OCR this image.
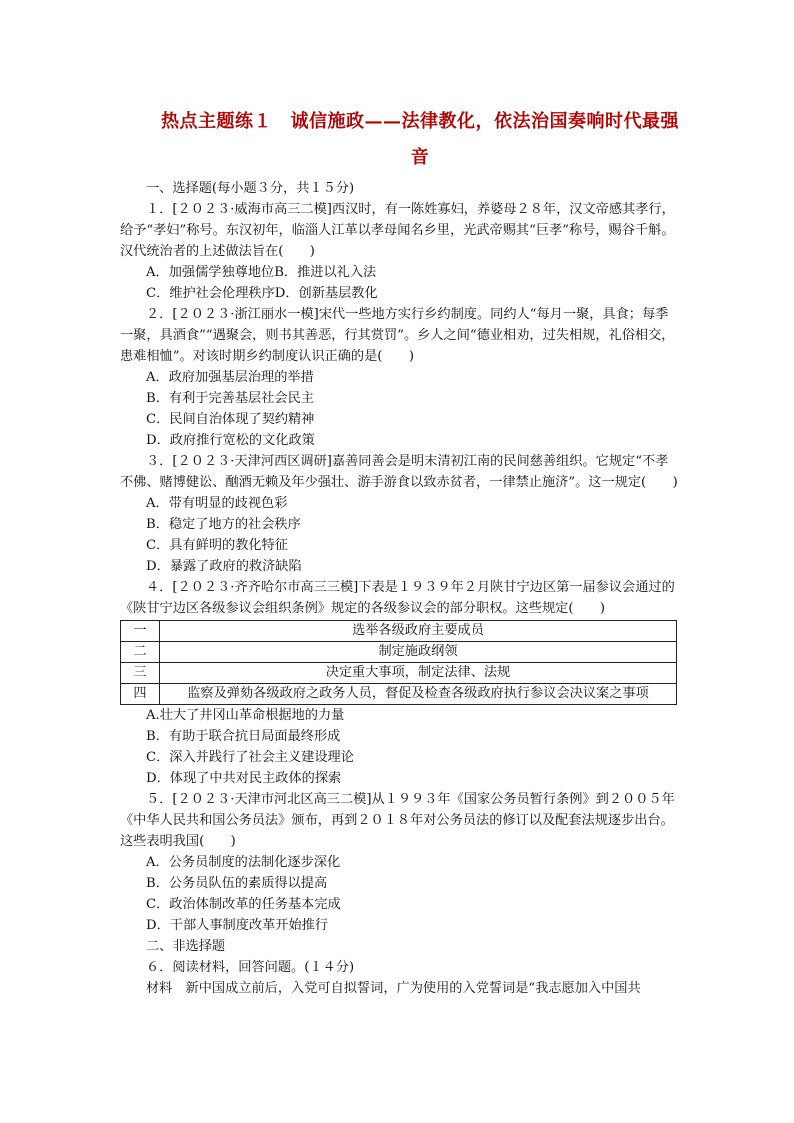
热点主题练１　诚信施政——法律教化，依法治国奏响时代最强
音

一、选择题(每小题３分，共１５分)

１．[２０２３·威海市高三二模]西汉时，有一陈姓寡妇，养婆母２８年，汉文帝感其孝行，给予“孝妇”称号。东汉初年，临淄人江革以孝母闻名乡里，光武帝赐其“巨孝”称号，赐谷千斛。汉代统治者的上述做法旨在(　　)

A．加强儒学独尊地位B．推进以礼入法
C．维护社会伦理秩序D．创新基层教化

２．[２０２３·浙江丽水一模]宋代一些地方实行乡约制度。同约人“每月一聚，具食；每季一聚，具酒食”“遇聚会，则书其善恶，行其赏罚”。乡人之间“德业相劝，过失相规，礼俗相交，患难相恤”。对该时期乡约制度认识正确的是(　　)

A．政府加强基层治理的举措

B．有利于完善基层社会民主

C．民间自治体现了契约精神

D．政府推行宽松的文化政策

３．[２０２３·天津河西区调研]嘉善同善会是明末清初江南的民间慈善组织。它规定“不孝不佛、赌博健讼、酗酒无赖及年少强壮、游手游食以致赤贫者，一律禁止施济”。这一规定(　　)

A．带有明显的歧视色彩

B．稳定了地方的社会秩序

C．具有鲜明的教化特征

D．暴露了政府的救济缺陷

４．[２０２３·齐齐哈尔市高三三模]下表是１９３９年２月陕甘宁边区第一届参议会通过的《陕甘宁边区各级参议会组织条例》规定的各级参议会的部分职权。这些规定(　　)

一	选举各级政府主要成员
二	制定施政纲领
三	决定重大事项，制定法律、法规
四	监察及弹劾各级政府之政务人员，督促及检查各级政府执行参议会决议案之事项

A.壮大了井冈山革命根据地的力量

B．有助于联合抗日局面最终形成

C．深入并践行了社会主义建设理论

D．体现了中共对民主政体的探索

５．[２０２３·天津市河北区高三二模]从１９９３年《国家公务员暂行条例》到２００５年《中华人民共和国公务员法》颁布，再到２０１８年对公务员法的修订以及配套法规逐步出台。这些表明我国(　　)

A．公务员制度的法制化逐步深化

B．公务员队伍的素质得以提高

C．政治体制改革的任务基本完成

D．干部人事制度改革开始推行

二、非选择题

６．阅读材料，回答问题。(１４分)

材料　新中国成立前后，入党可自拟誓词，广为使用的入党誓词是“我志愿加入中国共
